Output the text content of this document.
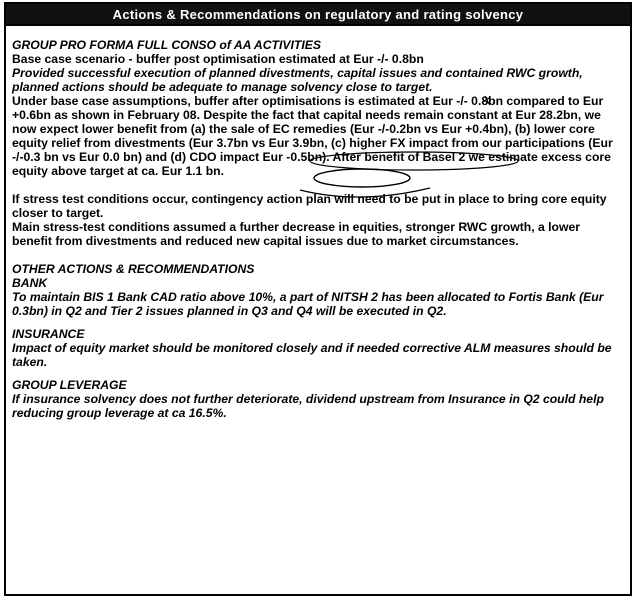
Actions & Recommendations on regulatory and rating solvency

GROUP PRO FORMA FULL CONSO of AA ACTIVITIES

Base case scenario - buffer post optimisation estimated at Eur -/- 0.8bn

Provided successful execution of planned divestments, capital issues and contained RWC growth, planned actions should be adequate to manage solvency close to target.

Under base case assumptions, buffer after optimisations is estimated at Eur -/- 0.8bn compared to Eur +0.6bn as shown in February 08. Despite the fact that capital needs remain constant at Eur 28.2bn, we now expect lower benefit from (a) the sale of EC remedies (Eur -/-0.2bn vs Eur +0.4bn), (b) lower core equity relief from divestments (Eur 3.7bn vs Eur 3.9bn, (c) higher FX impact from our participations (Eur -/-0.3 bn vs Eur 0.0 bn) and (d) CDO impact Eur -0.5bn). After benefit of Basel 2 we estimate excess core equity above target at ca. Eur 1.1 bn.

If stress test conditions occur, contingency action plan will need to be put in place to bring core equity closer to target.

Main stress-test conditions assumed a further decrease in equities, stronger RWC growth, a lower benefit from divestments and reduced new capital issues due to market circumstances.

OTHER ACTIONS & RECOMMENDATIONS

BANK

To maintain BIS 1 Bank CAD ratio above 10%, a part of NITSH 2 has been allocated to Fortis Bank (Eur 0.3bn) in Q2 and Tier 2 issues planned in Q3 and Q4 will be executed in Q2.

INSURANCE

Impact of equity market should be monitored closely and if needed corrective ALM measures should be taken.

GROUP LEVERAGE

If insurance solvency does not further deteriorate, dividend upstream from Insurance in Q2 could help reducing group leverage at ca 16.5%.
